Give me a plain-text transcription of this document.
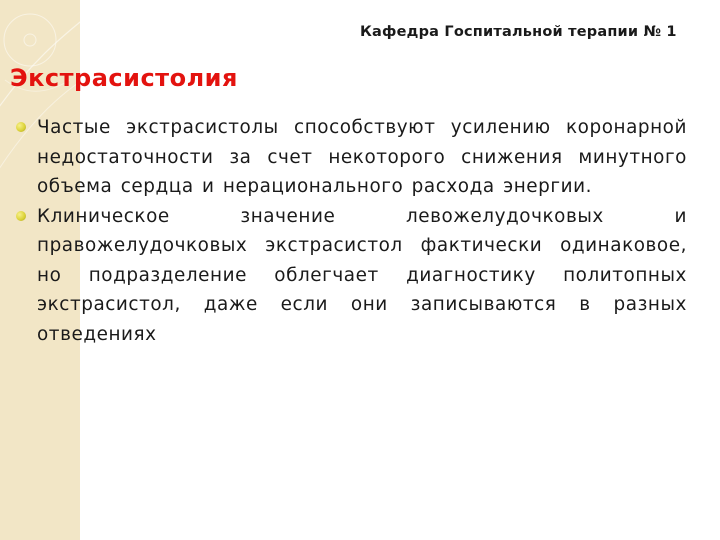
Кафедра Госпитальной терапии № 1
Экстрасистолия
Частые экстрасистолы способствуют усилению коронарной недостаточности за счет некоторого снижения минутного объема сердца и нерационального расхода энергии.
Клиническое значение левожелудочковых и правожелудочковых экстрасистол фактически одинаковое, но подразделение облегчает диагностику политопных экстрасистол, даже если они записываются в разных отведениях
